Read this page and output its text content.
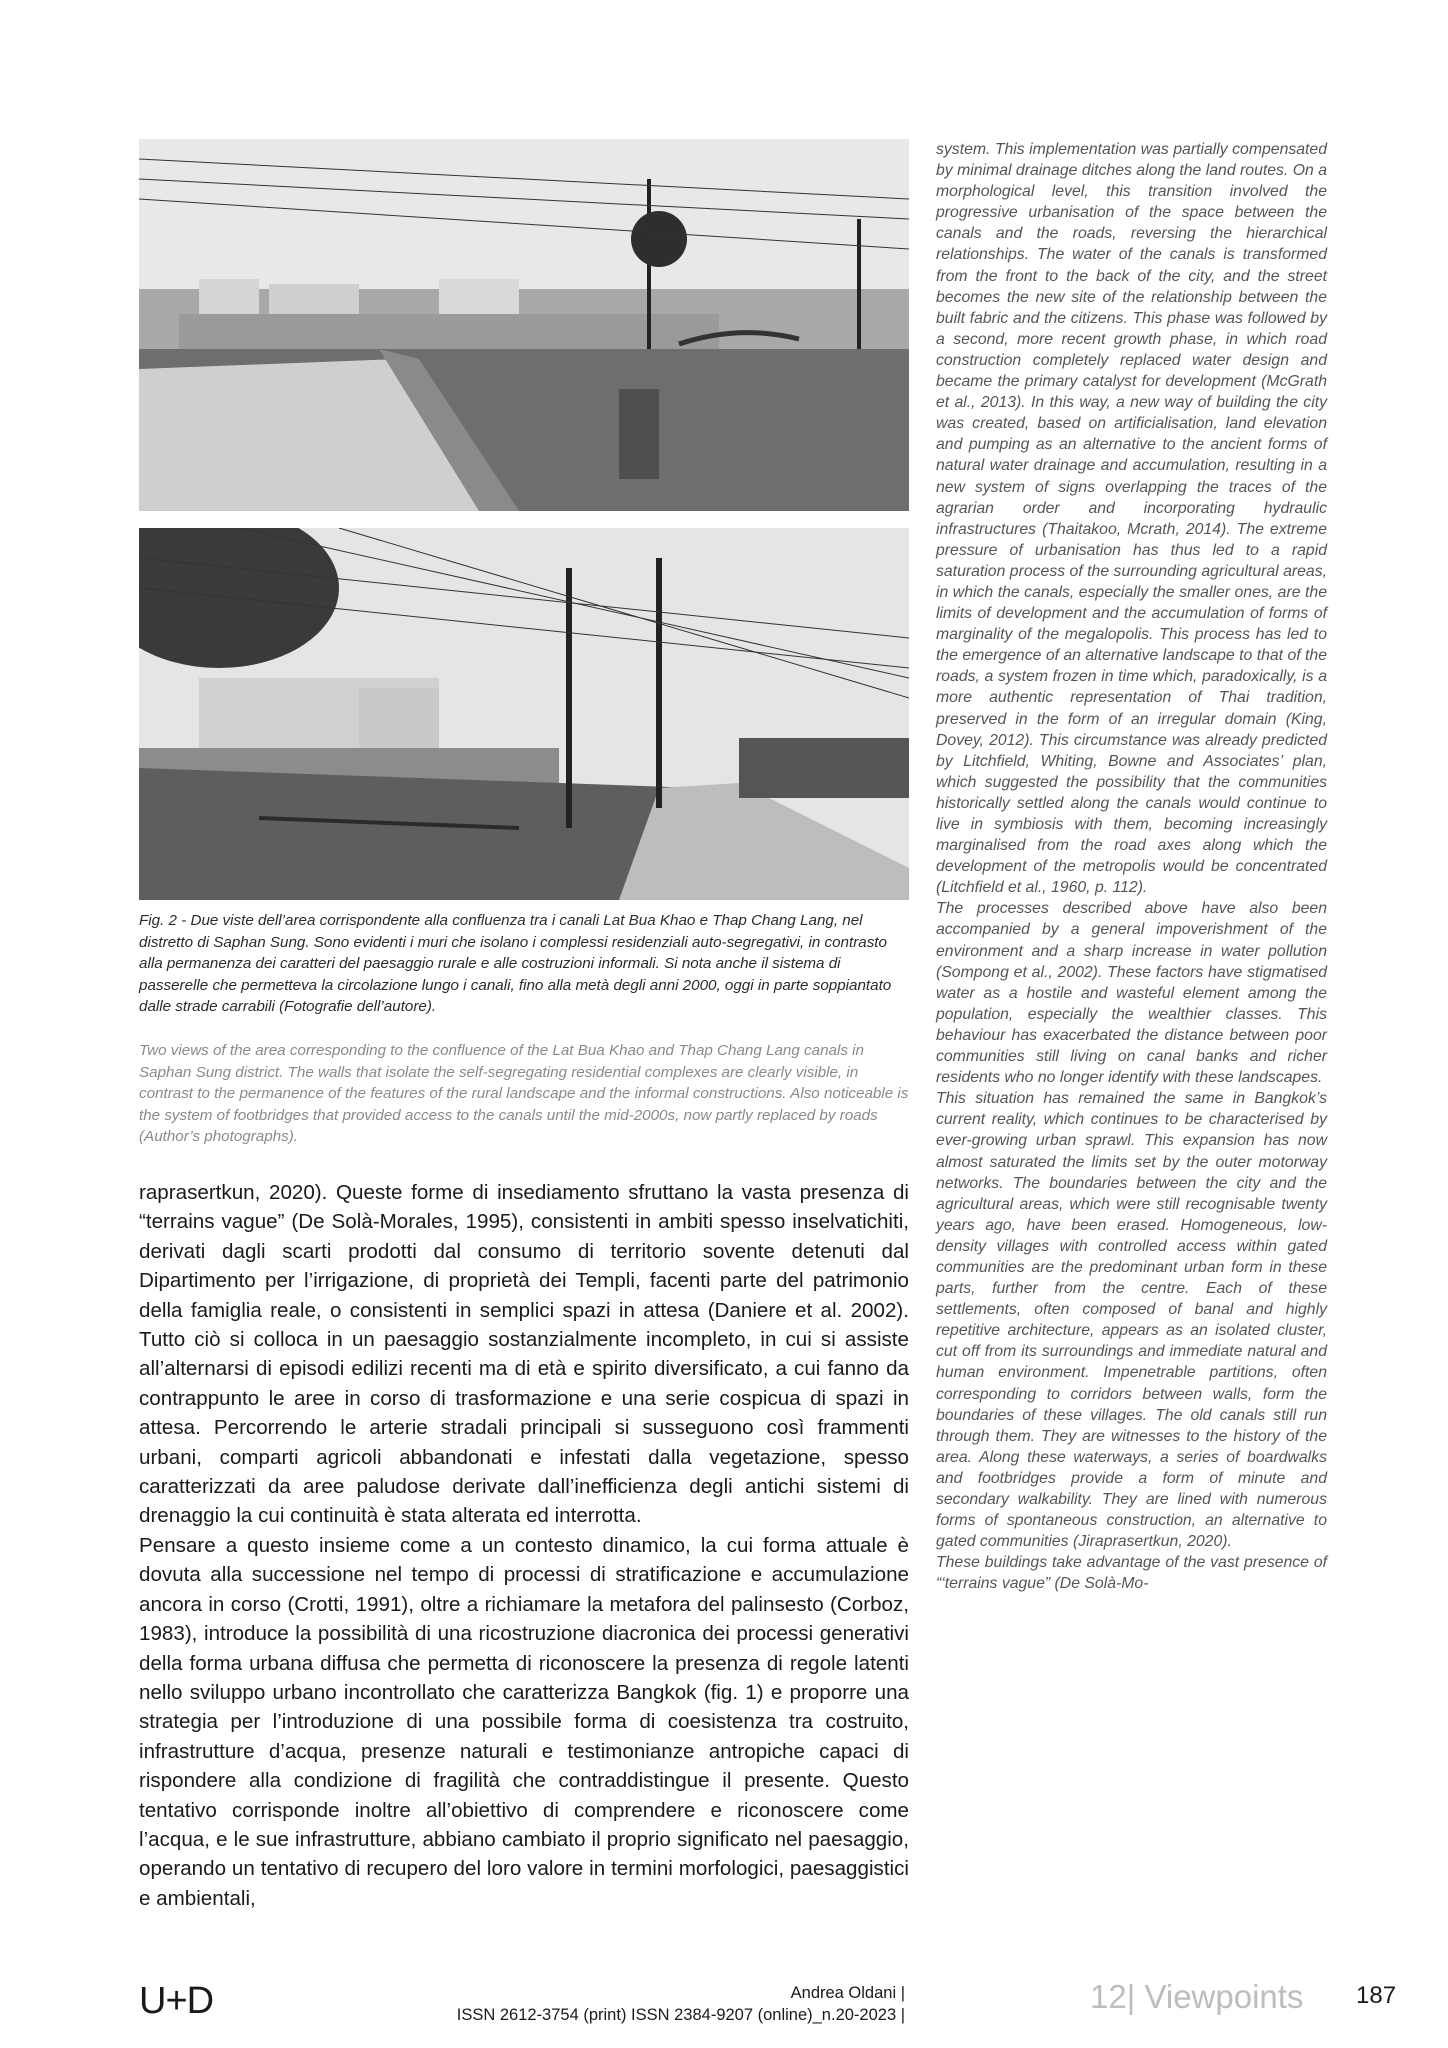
Fig. 2 - Due viste dell’area corrispondente alla confluenza tra i canali Lat Bua Khao e Thap Chang Lang, nel distretto di Saphan Sung. Sono evidenti i muri che isolano i complessi residenziali auto-segregativi, in contrasto alla permanenza dei caratteri del paesaggio rurale e alle costruzioni informali. Si nota anche il sistema di passerelle che permetteva la circolazione lungo i canali, fino alla metà degli anni 2000, oggi in parte soppiantato dalle strade carrabili (Fotografie dell’autore).
Two views of the area corresponding to the confluence of the Lat Bua Khao and Thap Chang Lang canals in Saphan Sung district. The walls that isolate the self-segregating residential complexes are clearly visible, in contrast to the permanence of the features of the rural landscape and the informal constructions. Also noticeable is the system of footbridges that provided access to the canals until the mid-2000s, now partly replaced by roads (Author’s photographs).

raprasertkun, 2020). Queste forme di insediamento sfruttano la vasta presenza di “terrains vague” (De Solà-Morales, 1995), consistenti in ambiti spesso inselvatichiti, derivati dagli scarti prodotti dal consumo di territorio sovente detenuti dal Dipartimento per l’irrigazione, di proprietà dei Templi, facenti parte del patrimonio della famiglia reale, o consistenti in semplici spazi in attesa (Daniere et al. 2002). Tutto ciò si colloca in un paesaggio sostanzialmente incompleto, in cui si assiste all’alternarsi di episodi edilizi recenti ma di età e spirito diversificato, a cui fanno da contrappunto le aree in corso di trasformazione e una serie cospicua di spazi in attesa. Percorrendo le arterie stradali principali si susseguono così frammenti urbani, comparti agricoli abbandonati e infestati dalla vegetazione, spesso caratterizzati da aree paludose derivate dall’inefficienza degli antichi sistemi di drenaggio la cui continuità è stata alterata ed interrotta.

Pensare a questo insieme come a un contesto dinamico, la cui forma attuale è dovuta alla successione nel tempo di processi di stratificazione e accumulazione ancora in corso (Crotti, 1991), oltre a richiamare la metafora del palinsesto (Corboz, 1983), introduce la possibilità di una ricostruzione diacronica dei processi generativi della forma urbana diffusa che permetta di riconoscere la presenza di regole latenti nello sviluppo urbano incontrollato che caratterizza Bangkok (fig. 1) e proporre una strategia per l’introduzione di una possibile forma di coesistenza tra costruito, infrastrutture d’acqua, presenze naturali e testimonianze antropiche capaci di rispondere alla condizione di fragilità che contraddistingue il presente. Questo tentativo corrisponde inoltre all’obiettivo di comprendere e riconoscere come l’acqua, e le sue infrastrutture, abbiano cambiato il proprio significato nel paesaggio, operando un tentativo di recupero del loro valore in termini morfologici, paesaggistici e ambientali,

system. This implementation was partially compensated by minimal drainage ditches along the land routes. On a morphological level, this transition involved the progressive urbanisation of the space between the canals and the roads, reversing the hierarchical relationships. The water of the canals is transformed from the front to the back of the city, and the street becomes the new site of the relationship between the built fabric and the citizens. This phase was followed by a second, more recent growth phase, in which road construction completely replaced water design and became the primary catalyst for development (McGrath et al., 2013). In this way, a new way of building the city was created, based on artificialisation, land elevation and pumping as an alternative to the ancient forms of natural water drainage and accumulation, resulting in a new system of signs overlapping the traces of the agrarian order and incorporating hydraulic infrastructures (Thaitakoo, Mcrath, 2014). The extreme pressure of urbanisation has thus led to a rapid saturation process of the surrounding agricultural areas, in which the canals, especially the smaller ones, are the limits of development and the accumulation of forms of marginality of the megalopolis. This process has led to the emergence of an alternative landscape to that of the roads, a system frozen in time which, paradoxically, is a more authentic representation of Thai tradition, preserved in the form of an irregular domain (King, Dovey, 2012). This circumstance was already predicted by Litchfield, Whiting, Bowne and Associates’ plan, which suggested the possibility that the communities historically settled along the canals would continue to live in symbiosis with them, becoming increasingly marginalised from the road axes along which the development of the metropolis would be concentrated (Litchfield et al., 1960, p. 112).

The processes described above have also been accompanied by a general impoverishment of the environment and a sharp increase in water pollution (Sompong et al., 2002). These factors have stigmatised water as a hostile and wasteful element among the population, especially the wealthier classes. This behaviour has exacerbated the distance between poor communities still living on canal banks and richer residents who no longer identify with these landscapes.

This situation has remained the same in Bangkok’s current reality, which continues to be characterised by ever-growing urban sprawl. This expansion has now almost saturated the limits set by the outer motorway networks. The boundaries between the city and the agricultural areas, which were still recognisable twenty years ago, have been erased. Homogeneous, low-density villages with controlled access within gated communities are the predominant urban form in these parts, further from the centre. Each of these settlements, often composed of banal and highly repetitive architecture, appears as an isolated cluster, cut off from its surroundings and immediate natural and human environment. Impenetrable partitions, often corresponding to corridors between walls, form the boundaries of these villages. The old canals still run through them. They are witnesses to the history of the area. Along these waterways, a series of boardwalks and footbridges provide a form of minute and secondary walkability. They are lined with numerous forms of spontaneous construction, an alternative to gated communities (Jiraprasertkun, 2020).

These buildings take advantage of the vast presence of “‘terrains vague” (De Solà-Mo-

U+D	Andrea Oldani |
ISSN 2612-3754 (print) ISSN 2384-9207 (online)_n.20-2023 |	12| Viewpoints 187
